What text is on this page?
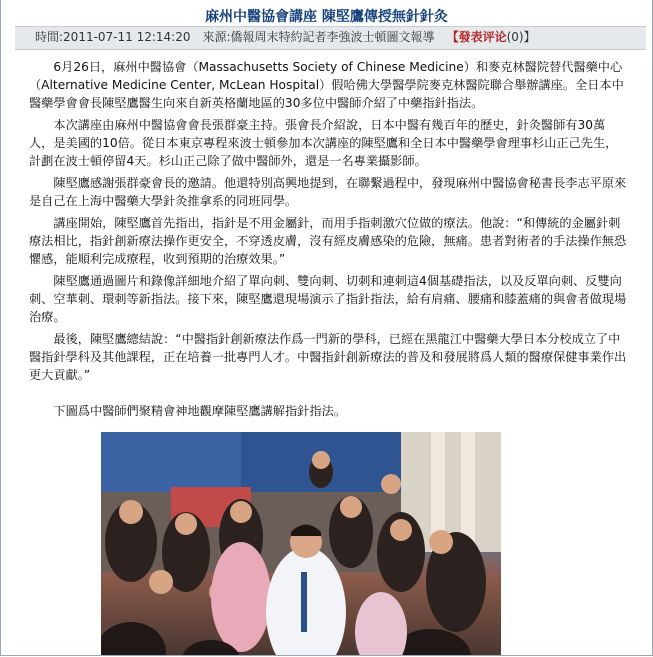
麻州中醫協會講座 陳堅鷹傳授無針針灸
時間:2011-07-11 12:14:20 來源:僑報周末特約記者李強波士頓圖文報導 【發表评论(0)】

6月26日，麻州中醫協會（Massachusetts Society of Chinese Medicine）和麥克林醫院替代醫藥中心（Alternative Medicine Center, McLean Hospital）假哈佛大學醫學院麥克林醫院聯合舉辦講座。全日本中醫藥學會會長陳堅鷹醫生向來自新英格蘭地區的30多位中醫師介紹了中藥指針指法。

本次講座由麻州中醫協會會長張群豪主持。張會長介紹說，日本中醫有幾百年的歷史，針灸醫師有30萬人，是美國的10倍。從日本東京專程來波士頓參加本次講座的陳堅鷹和全日本中醫藥學會理事杉山正己先生，計劃在波士頓停留4天。杉山正己除了做中醫師外，還是一名專業攝影師。

陳堅鷹感謝張群豪會長的邀請。他還特別高興地提到，在聯繫過程中，發現麻州中醫協會秘書長李志平原來是自己在上海中醫藥大學針灸推拿系的同班同學。

講座開始，陳堅鷹首先指出，指針是不用金屬針，而用手指刺激穴位做的療法。他說：“和傳統的金屬針刺療法相比，指針創新療法操作更安全，不穿透皮膚，沒有經皮膚感染的危險，無痛。患者對術者的手法操作無恐懼感，能順利完成療程，收到預期的治療效果。”

陳堅鷹通過圖片和錄像詳細地介紹了單向刺、雙向刺、切刺和連刺這4個基礎指法，以及反單向刺、反雙向刺、空華刺、環刺等新指法。接下來，陳堅鷹還現場演示了指針指法，給有肩痛、腰痛和膝蓋痛的與會者做現場治療。

最後，陳堅鷹總結說：“中醫指針創新療法作爲一門新的學科，已經在黑龍江中醫藥大學日本分校成立了中醫指針學科及其他課程，正在培養一批專門人才。中醫指針創新療法的普及和發展將爲人類的醫療保健事業作出更大貢獻。”

下圖爲中醫師們聚精會神地觀摩陳堅鷹講解指針指法。
